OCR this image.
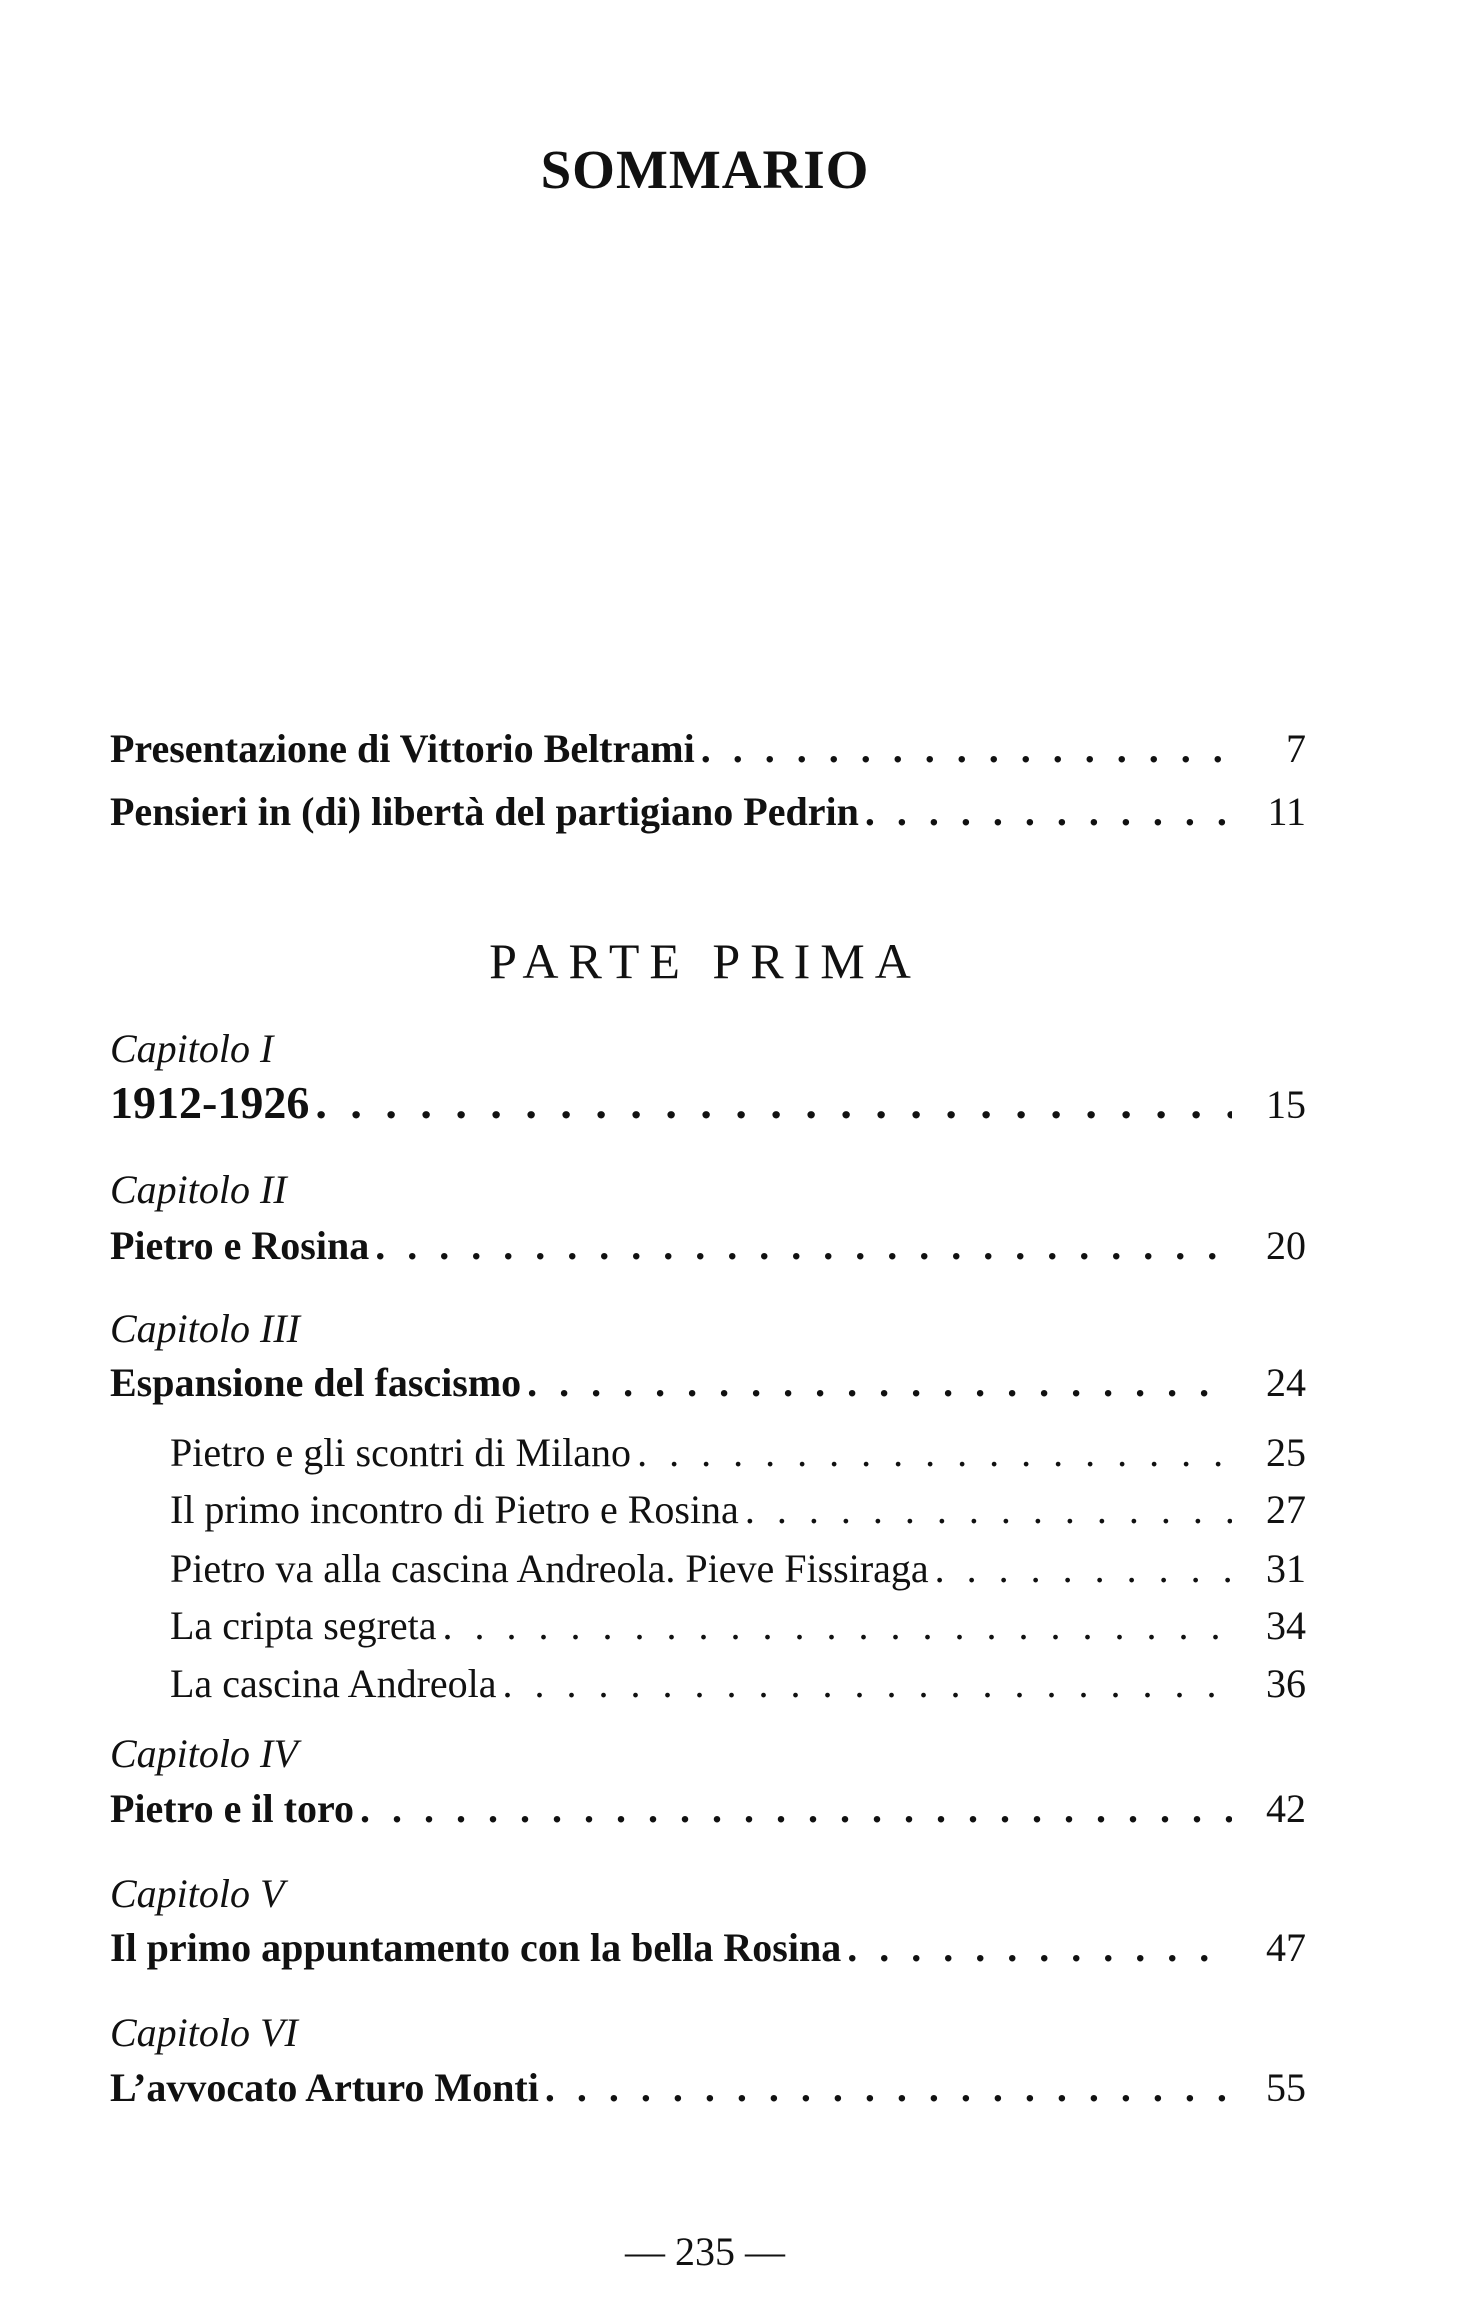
SOMMARIO
Presentazione di Vittorio Beltrami . . .	7
Pensieri in (di) libertà del partigiano Pedrin . . .	11
PARTE PRIMA
Capitolo I
1912-1926 . . .	15
Capitolo II
Pietro e Rosina . . .	20
Capitolo III
Espansione del fascismo . . .	24
Pietro e gli scontri di Milano . . .	25
Il primo incontro di Pietro e Rosina . . .	27
Pietro va alla cascina Andreola. Pieve Fissiraga . . .	31
La cripta segreta . . .	34
La cascina Andreola . . .	36
Capitolo IV
Pietro e il toro . . .	42
Capitolo V
Il primo appuntamento con la bella Rosina . . .	47
Capitolo VI
L’avvocato Arturo Monti . . .	55
— 235 —
